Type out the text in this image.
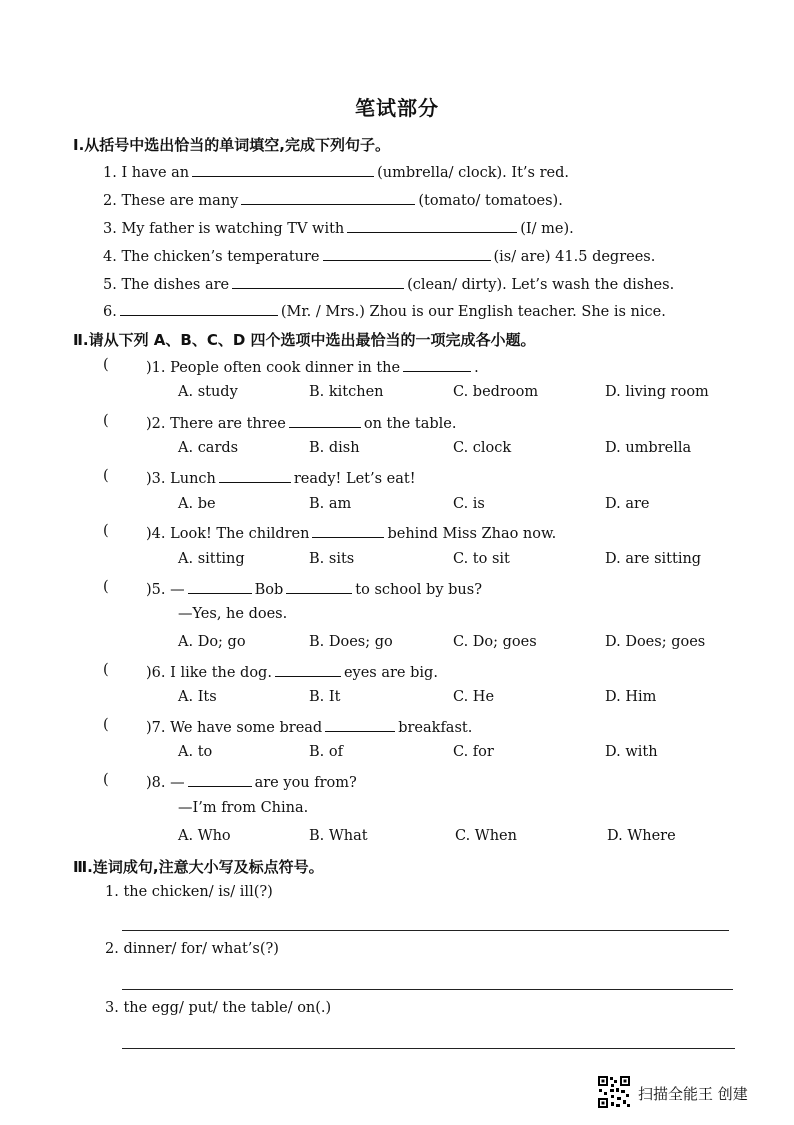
笔试部分
Ⅰ.从括号中选出恰当的单词填空,完成下列句子。
1. I have an	(umbrella/ clock). It’s red.
2. These are many	(tomato/ tomatoes).
3. My father is watching TV with	(I/ me).
4. The chicken’s temperature	(is/ are) 41.5 degrees.
5. The dishes are	(clean/ dirty). Let’s wash the dishes.
6.	(Mr. / Mrs.) Zhou is our English teacher. She is nice.
Ⅱ.请从下列 A、B、C、D 四个选项中选出最恰当的一项完成各小题。
(	)1. People often cook dinner in the	.
A. study	B. kitchen	C. bedroom	D. living room
(	)2. There are three	on the table.
A. cards	B. dish	C. clock	D. umbrella
(	)3. Lunch	ready! Let’s eat!
A. be	B. am	C. is	D. are
(	)4. Look! The children	behind Miss Zhao now.
A. sitting	B. sits	C. to sit	D. are sitting
(	)5. —	Bob	to school by bus?
—Yes, he does.
A. Do; go	B. Does; go	C. Do; goes	D. Does; goes
(	)6. I like the dog.	eyes are big.
A. Its	B. It	C. He	D. Him
(	)7. We have some bread	breakfast.
A. to	B. of	C. for	D. with
(	)8. —	are you from?
—I’m from China.
A. Who	B. What	C. When	D. Where
Ⅲ.连词成句,注意大小写及标点符号。
1. the chicken/ is/ ill(?)
2. dinner/ for/ what’s(?)
3. the egg/ put/ the table/ on(.)
扫描全能王 创建
